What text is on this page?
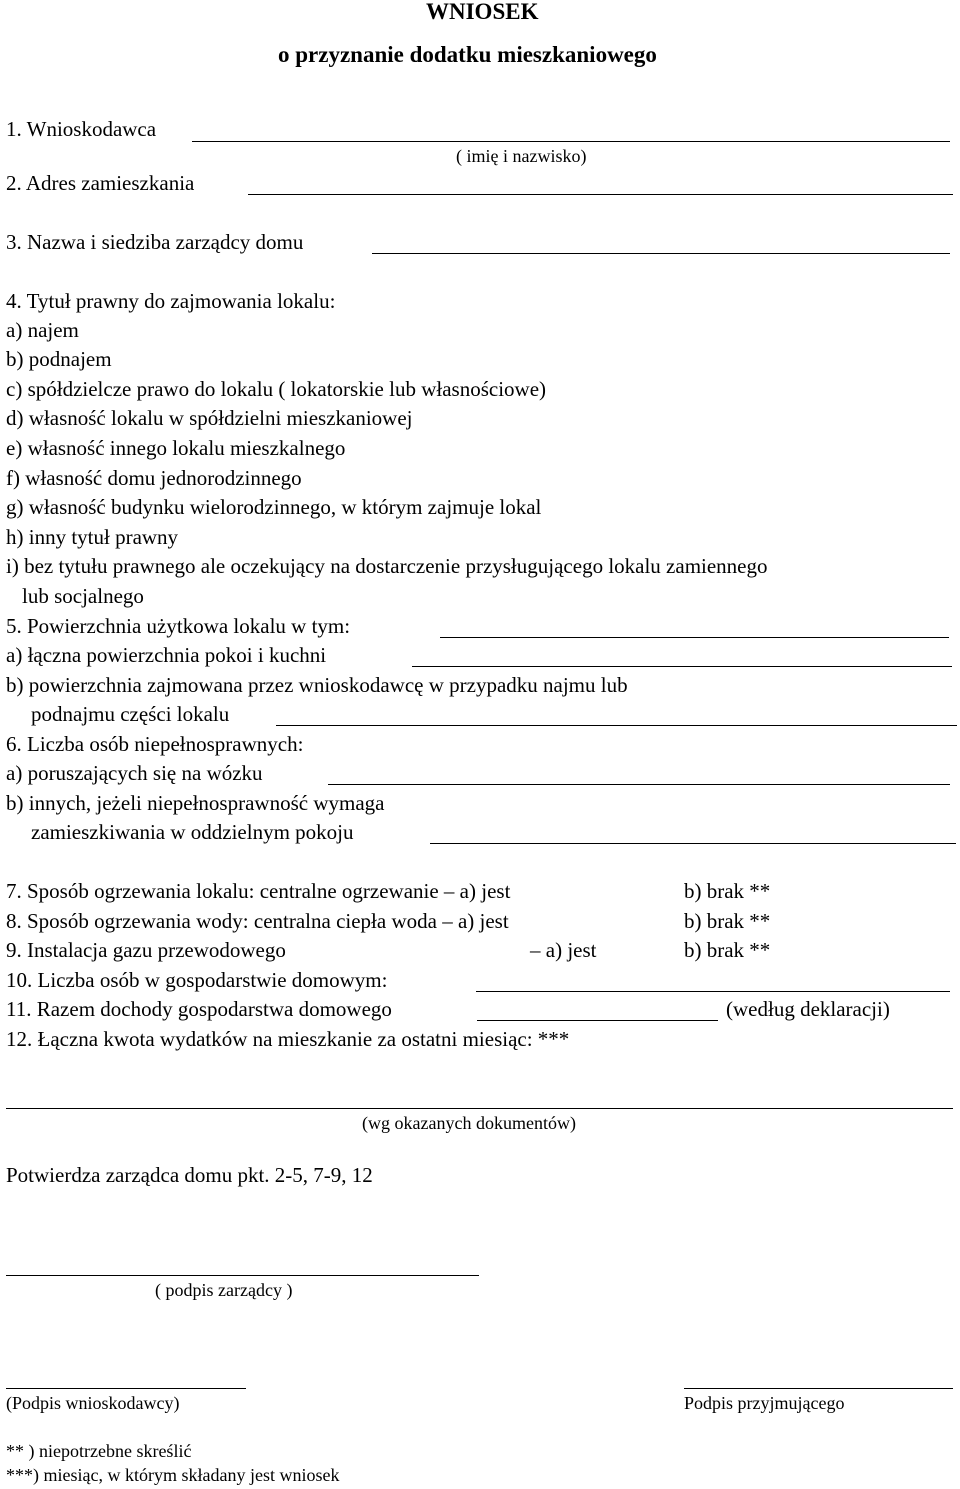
WNIOSEK
o przyznanie dodatku mieszkaniowego
1. Wnioskodawca
( imię i nazwisko)
2. Adres zamieszkania
3. Nazwa i siedziba zarządcy domu
4. Tytuł prawny do zajmowania lokalu:
a) najem
b) podnajem
c) spółdzielcze prawo do lokalu ( lokatorskie lub własnościowe)
d) własność lokalu w spółdzielni mieszkaniowej
e) własność innego lokalu mieszkalnego
f) własność domu jednorodzinnego
g) własność budynku wielorodzinnego, w którym zajmuje lokal
h) inny tytuł prawny
i) bez tytułu prawnego ale oczekujący na dostarczenie przysługującego lokalu zamiennego
lub socjalnego
5. Powierzchnia użytkowa lokalu w tym:
a) łączna powierzchnia pokoi i kuchni
b) powierzchnia zajmowana przez wnioskodawcę w przypadku najmu lub
podnajmu części lokalu
6. Liczba osób niepełnosprawnych:
a) poruszających się na wózku
b) innych, jeżeli niepełnosprawność wymaga
zamieszkiwania w oddzielnym pokoju
7. Sposób ogrzewania lokalu: centralne ogrzewanie – a) jest	b) brak **
8. Sposób ogrzewania wody: centralna ciepła woda – a) jest	b) brak **
9. Instalacja gazu przewodowego	– a) jest	b) brak **
10. Liczba osób w gospodarstwie domowym:
11. Razem dochody gospodarstwa domowego	(według deklaracji)
12. Łączna kwota wydatków na mieszkanie za ostatni miesiąc: ***
(wg okazanych dokumentów)
Potwierdza zarządca domu pkt. 2-5, 7-9, 12
( podpis zarządcy )
(Podpis wnioskodawcy)	Podpis przyjmującego
** ) niepotrzebne skreślić
***) miesiąc, w którym składany jest wniosek
